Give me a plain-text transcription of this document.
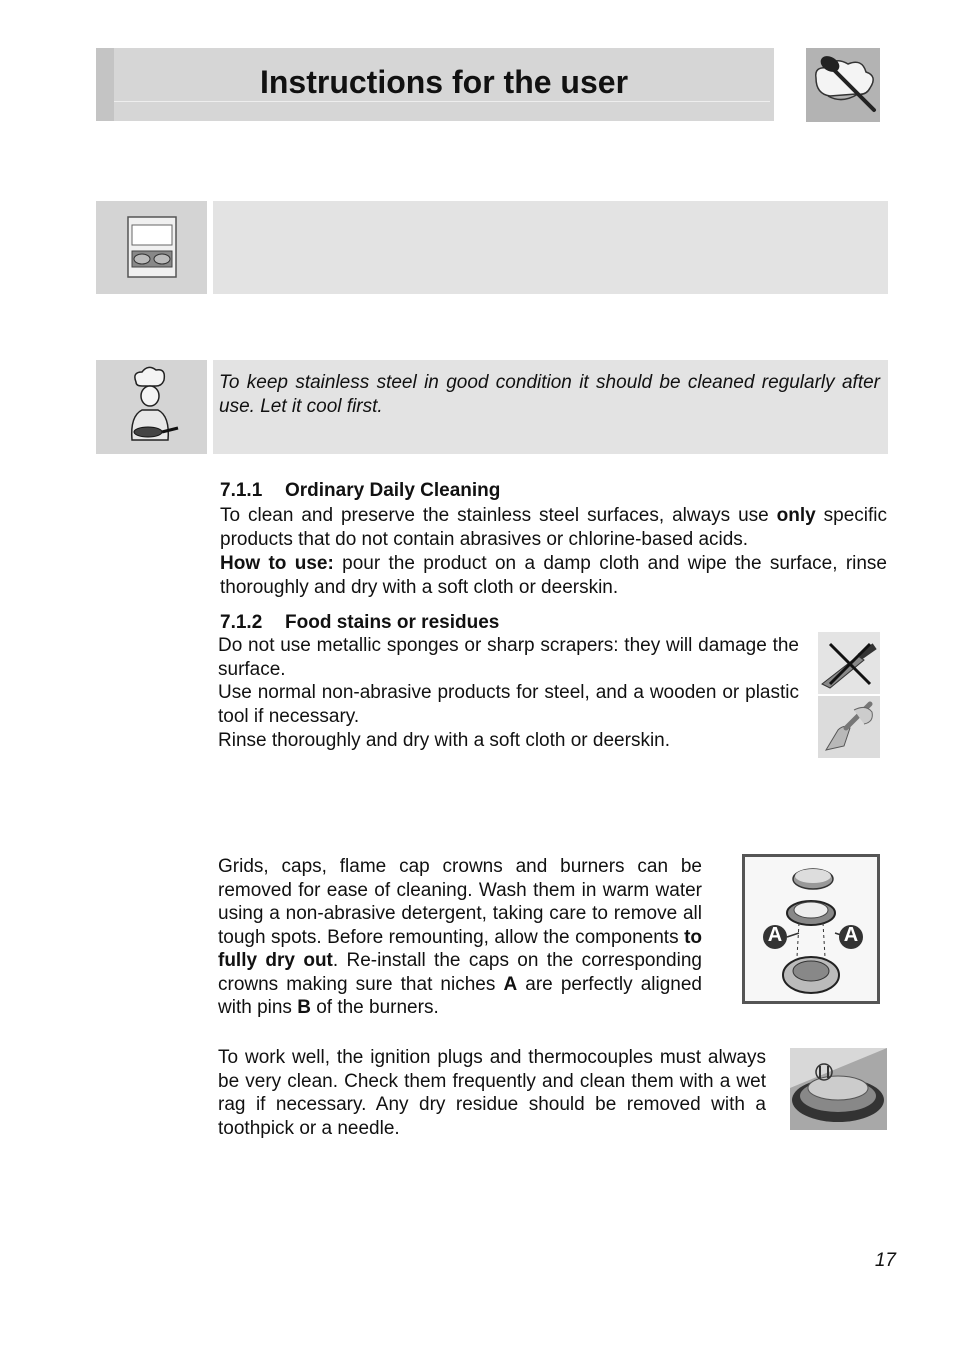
Instructions for the user

To keep stainless steel in good condition it should be cleaned regularly after use. Let it cool first.

7.1.1 Ordinary Daily Cleaning

To clean and preserve the stainless steel surfaces, always use only specific products that do not contain abrasives or chlorine-based acids.

How to use: pour the product on a damp cloth and wipe the surface, rinse thoroughly and dry with a soft cloth or deerskin.

7.1.2 Food stains or residues

Do not use metallic sponges or sharp scrapers: they will damage the surface.

Use normal non-abrasive products for steel, and a wooden or plastic tool if necessary.

Rinse thoroughly and dry with a soft cloth or deerskin.

Grids, caps, flame cap crowns and burners can be removed for ease of cleaning. Wash them in warm water using a non-abrasive detergent, taking care to remove all tough spots. Before remounting, allow the components to fully dry out. Re-install the caps on the corresponding crowns making sure that niches A are perfectly aligned with pins B of the burners.

A	A

To work well, the ignition plugs and thermocouples must always be very clean. Check them frequently and clean them with a wet rag if necessary. Any dry residue should be removed with a toothpick or a needle.

17
